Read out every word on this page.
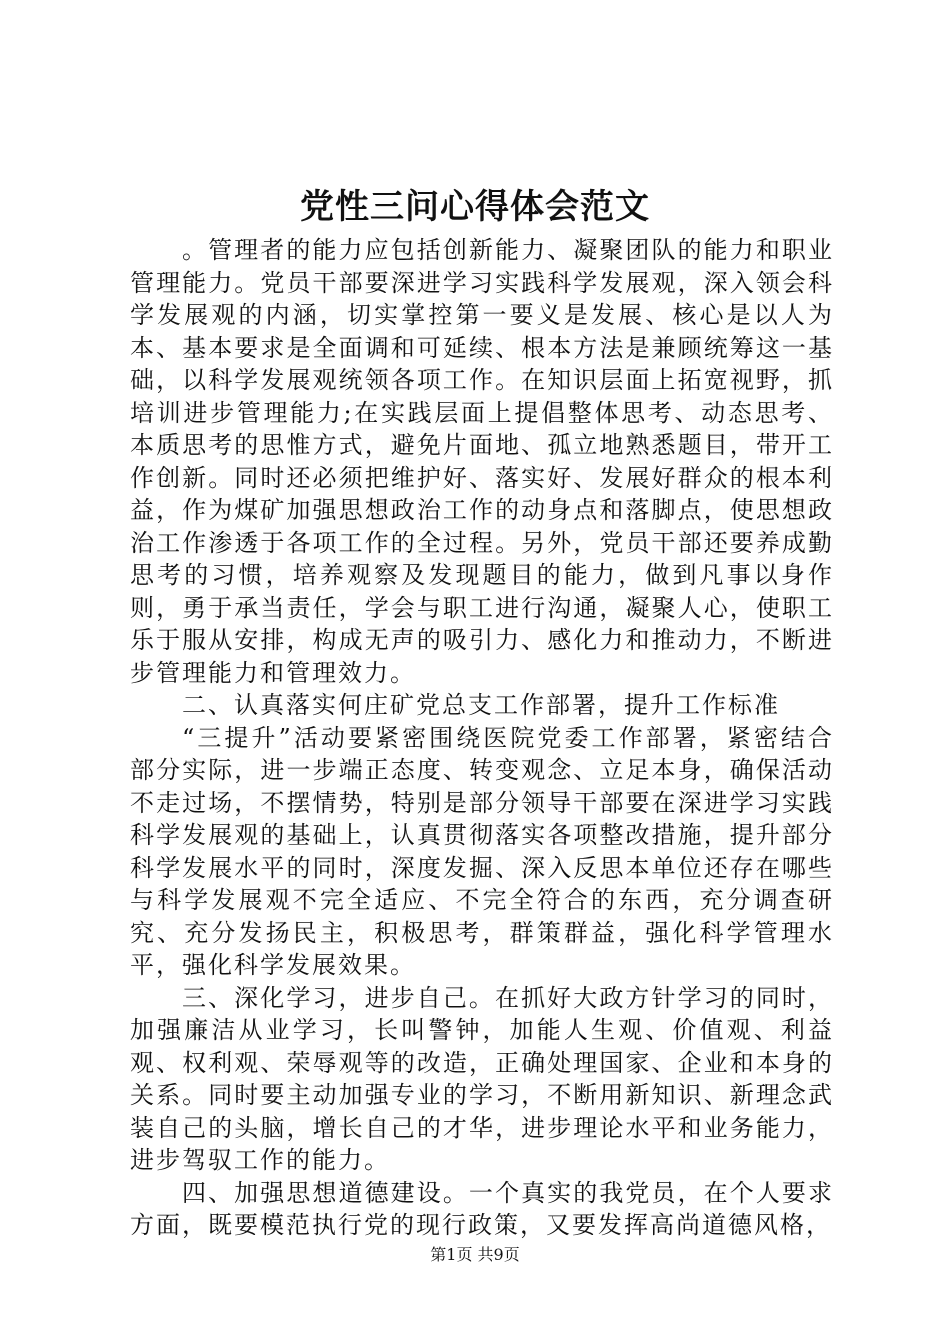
党性三问心得体会范文

。管理者的能力应包括创新能力、凝聚团队的能力和职业管理能力。党员干部要深进学习实践科学发展观，深入领会科学发展观的内涵，切实掌控第一要义是发展、核心是以人为本、基本要求是全面调和可延续、根本方法是兼顾统筹这一基础，以科学发展观统领各项工作。在知识层面上拓宽视野，抓培训进步管理能力;在实践层面上提倡整体思考、动态思考、本质思考的思惟方式，避免片面地、孤立地熟悉题目，带开工作创新。同时还必须把维护好、落实好、发展好群众的根本利益，作为煤矿加强思想政治工作的动身点和落脚点，使思想政治工作渗透于各项工作的全过程。另外，党员干部还要养成勤思考的习惯，培养观察及发现题目的能力，做到凡事以身作则，勇于承当责任，学会与职工进行沟通，凝聚人心，使职工乐于服从安排，构成无声的吸引力、感化力和推动力，不断进步管理能力和管理效力。

二、认真落实何庄矿党总支工作部署，提升工作标准

“三提升”活动要紧密围绕医院党委工作部署，紧密结合部分实际，进一步端正态度、转变观念、立足本身，确保活动不走过场，不摆情势，特别是部分领导干部要在深进学习实践科学发展观的基础上，认真贯彻落实各项整改措施，提升部分科学发展水平的同时，深度发掘、深入反思本单位还存在哪些与科学发展观不完全适应、不完全符合的东西，充分调查研究、充分发扬民主，积极思考，群策群益，强化科学管理水平，强化科学发展效果。

三、深化学习，进步自己。在抓好大政方针学习的同时，加强廉洁从业学习，长叫警钟，加能人生观、价值观、利益观、权利观、荣辱观等的改造，正确处理国家、企业和本身的关系。同时要主动加强专业的学习，不断用新知识、新理念武装自己的头脑，增长自己的才华，进步理论水平和业务能力，进步驾驭工作的能力。

四、加强思想道德建设。一个真实的我党员，在个人要求方面，既要模范执行党的现行政策，又要发挥高尚道德风格，

第1页 共9页
